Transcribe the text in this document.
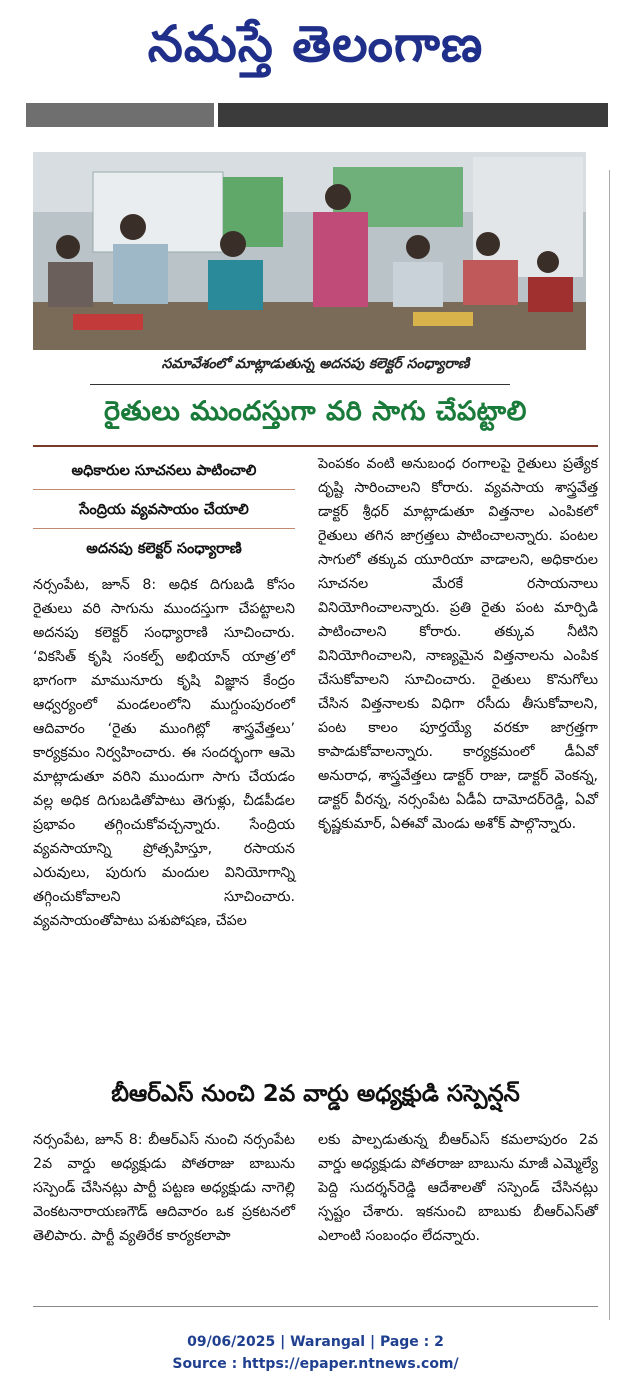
నమస్తే తెలంగాణ
సమావేశంలో మాట్లాడుతున్న అదనపు కలెక్టర్ సంధ్యారాణి
రైతులు ముందస్తుగా వరి సాగు చేపట్టాలి
అధికారుల సూచనలు పాటించాలి
సేంద్రియ వ్యవసాయం చేయాలి
అదనపు కలెక్టర్ సంధ్యారాణి

నర్సంపేట, జూన్ 8: అధిక దిగుబడి కోసం రైతులు వరి సాగును ముందస్తుగా చేపట్టాలని అదనపు కలెక్టర్ సంధ్యారాణి సూచించారు. ‘వికసిత్ కృషి సంకల్ప్ అభియాన్ యాత్ర’లో భాగంగా మామునూరు కృషి విజ్ఞాన కేంద్రం ఆధ్వర్యంలో మండలంలోని ముగ్దుంపురంలో ఆదివారం ‘రైతు ముంగిట్లో శాస్త్రవేత్తలు’ కార్యక్రమం నిర్వహించారు. ఈ సందర్భంగా ఆమె మాట్లాడుతూ వరిని ముందుగా సాగు చేయడం వల్ల అధిక దిగుబడితోపాటు తెగుళ్లు, చీడపీడల ప్రభావం తగ్గించుకోవచ్చన్నారు. సేంద్రియ వ్యవసాయాన్ని ప్రోత్సహిస్తూ, రసాయన ఎరువులు, పురుగు మందుల వినియోగాన్ని తగ్గించుకోవాలని సూచించారు. వ్యవసాయంతోపాటు పశుపోషణ, చేపల

పెంపకం వంటి అనుబంధ రంగాలపై రైతులు ప్రత్యేక దృష్టి సారించాలని కోరారు. వ్యవసాయ శాస్త్రవేత్త డాక్టర్ శ్రీధర్ మాట్లాడుతూ విత్తనాల ఎంపికలో రైతులు తగిన జాగ్రత్తలు పాటించాలన్నారు. పంటల సాగులో తక్కువ యూరియా వాడాలని, అధికారుల సూచనల మేరకే రసాయనాలు వినియోగించాలన్నారు. ప్రతి రైతు పంట మార్పిడి పాటించాలని కోరారు. తక్కువ నీటిని వినియోగించాలని, నాణ్యమైన విత్తనాలను ఎంపిక చేసుకోవాలని సూచించారు. రైతులు కొనుగోలు చేసిన విత్తనాలకు విధిగా రసీదు తీసుకోవాలని, పంట కాలం పూర్తయ్యే వరకూ జాగ్రత్తగా కాపాడుకోవాలన్నారు. కార్యక్రమంలో డీఏవో అనురాధ, శాస్త్రవేత్తలు డాక్టర్ రాజు, డాక్టర్ వెంకన్న, డాక్టర్ వీరన్న, నర్సంపేట ఏడీఏ దామోదర్‌రెడ్డి, ఏవో కృష్ణకుమార్, ఏఈవో మెండు అశోక్ పాల్గొన్నారు.

బీఆర్ఎస్ నుంచి 2వ వార్డు అధ్యక్షుడి సస్పెన్షన్

నర్సంపేట, జూన్ 8: బీఆర్ఎస్ నుంచి నర్సంపేట 2వ వార్డు అధ్యక్షుడు పోతరాజు బాబును సస్పెండ్ చేసినట్లు పార్టీ పట్టణ అధ్యక్షుడు నాగెల్లి వెంకటనారాయణగౌడ్ ఆదివారం ఒక ప్రకటనలో తెలిపారు. పార్టీ వ్యతిరేక కార్యకలాపా

లకు పాల్పడుతున్న బీఆర్ఎస్ కమలాపురం 2వ వార్డు అధ్యక్షుడు పోతరాజు బాబును మాజీ ఎమ్మెల్యే పెద్ది సుదర్శన్‌రెడ్డి ఆదేశాలతో సస్పెండ్ చేసినట్లు స్పష్టం చేశారు. ఇకనుంచి బాబుకు బీఆర్ఎస్‌తో ఎలాంటి సంబంధం లేదన్నారు.

09/06/2025 | Warangal | Page : 2
Source : https://epaper.ntnews.com/
